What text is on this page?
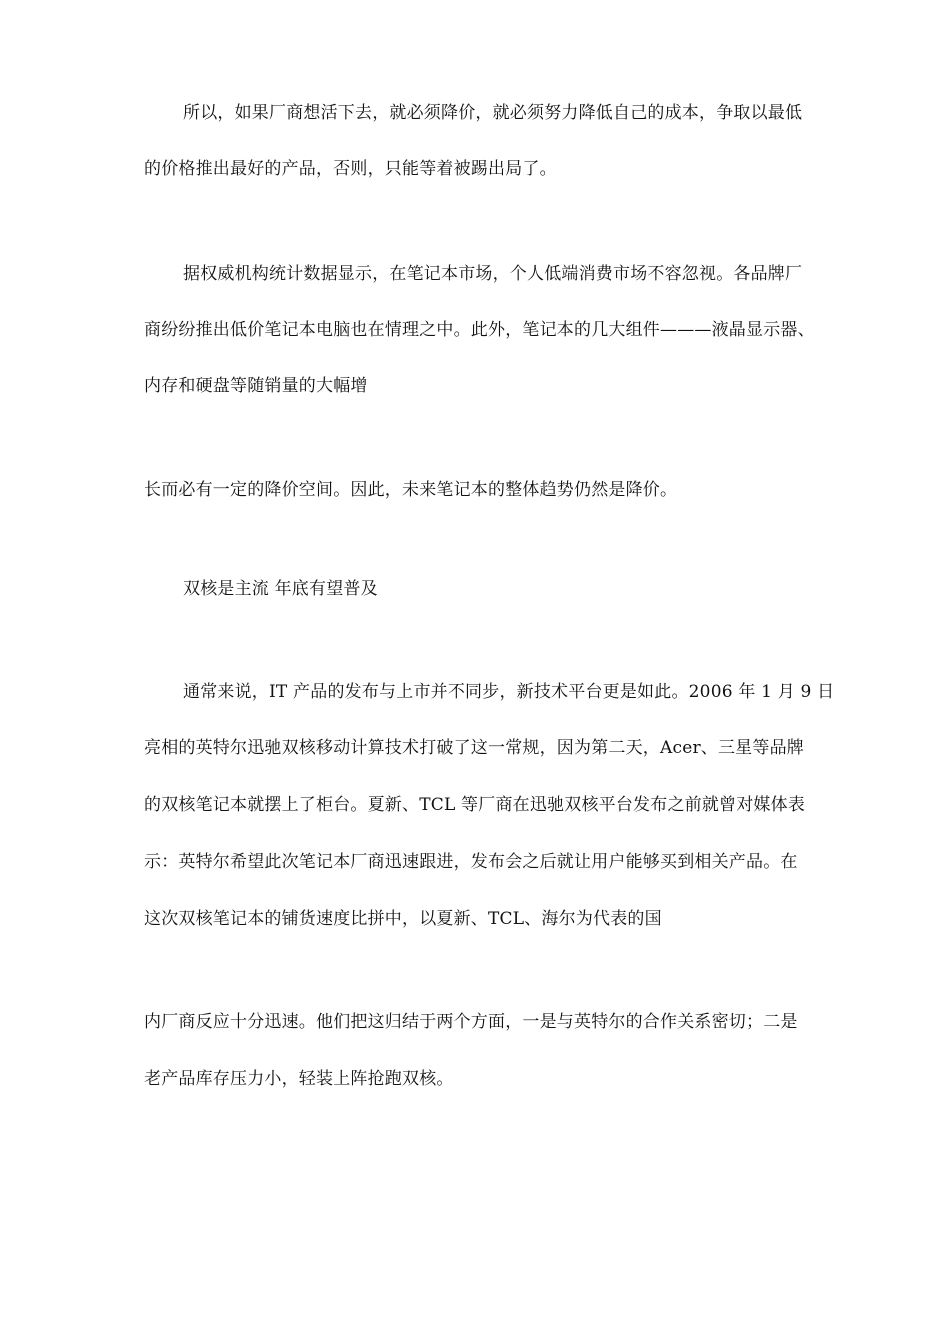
所以，如果厂商想活下去，就必须降价，就必须努力降低自己的成本，争取以最低
的价格推出最好的产品，否则，只能等着被踢出局了。
据权威机构统计数据显示，在笔记本市场，个人低端消费市场不容忽视。各品牌厂
商纷纷推出低价笔记本电脑也在情理之中。此外，笔记本的几大组件———液晶显示器、
内存和硬盘等随销量的大幅增
长而必有一定的降价空间。因此，未来笔记本的整体趋势仍然是降价。
双核是主流 年底有望普及
通常来说，IT 产品的发布与上市并不同步，新技术平台更是如此。2006 年 1 月 9 日
亮相的英特尔迅驰双核移动计算技术打破了这一常规，因为第二天，Acer、三星等品牌
的双核笔记本就摆上了柜台。夏新、TCL 等厂商在迅驰双核平台发布之前就曾对媒体表
示：英特尔希望此次笔记本厂商迅速跟进，发布会之后就让用户能够买到相关产品。在
这次双核笔记本的铺货速度比拼中，以夏新、TCL、海尔为代表的国
内厂商反应十分迅速。他们把这归结于两个方面，一是与英特尔的合作关系密切；二是
老产品库存压力小，轻装上阵抢跑双核。
